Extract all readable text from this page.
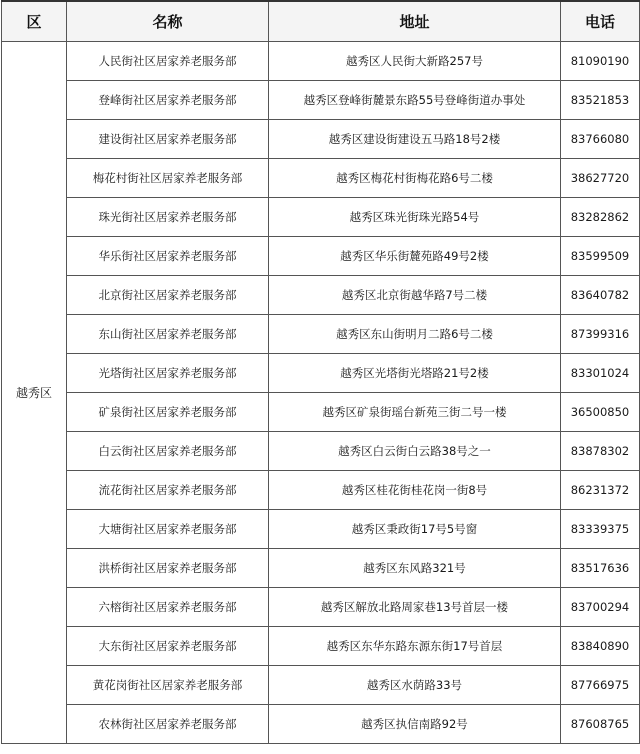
区	名称	地址	电话
越秀区	人民街社区居家养老服务部	越秀区人民街大新路257号	81090190
	登峰街社区居家养老服务部	越秀区登峰街麓景东路55号登峰街道办事处	83521853
	建设街社区居家养老服务部	越秀区建设街建设五马路18号2楼	83766080
	梅花村街社区居家养老服务部	越秀区梅花村街梅花路6号二楼	38627720
	珠光街社区居家养老服务部	越秀区珠光街珠光路54号	83282862
	华乐街社区居家养老服务部	越秀区华乐街麓苑路49号2楼	83599509
	北京街社区居家养老服务部	越秀区北京街越华路7号二楼	83640782
	东山街社区居家养老服务部	越秀区东山街明月二路6号二楼	87399316
	光塔街社区居家养老服务部	越秀区光塔街光塔路21号2楼	83301024
	矿泉街社区居家养老服务部	越秀区矿泉街瑶台新苑三街二号一楼	36500850
	白云街社区居家养老服务部	越秀区白云街白云路38号之一	83878302
	流花街社区居家养老服务部	越秀区桂花街桂花岗一街8号	86231372
	大塘街社区居家养老服务部	越秀区秉政街17号5号窗	83339375
	洪桥街社区居家养老服务部	越秀区东风路321号	83517636
	六榕街社区居家养老服务部	越秀区解放北路周家巷13号首层一楼	83700294
	大东街社区居家养老服务部	越秀区东华东路东源东街17号首层	83840890
	黄花岗街社区居家养老服务部	越秀区水荫路33号	87766975
	农林街社区居家养老服务部	越秀区执信南路92号	87608765
